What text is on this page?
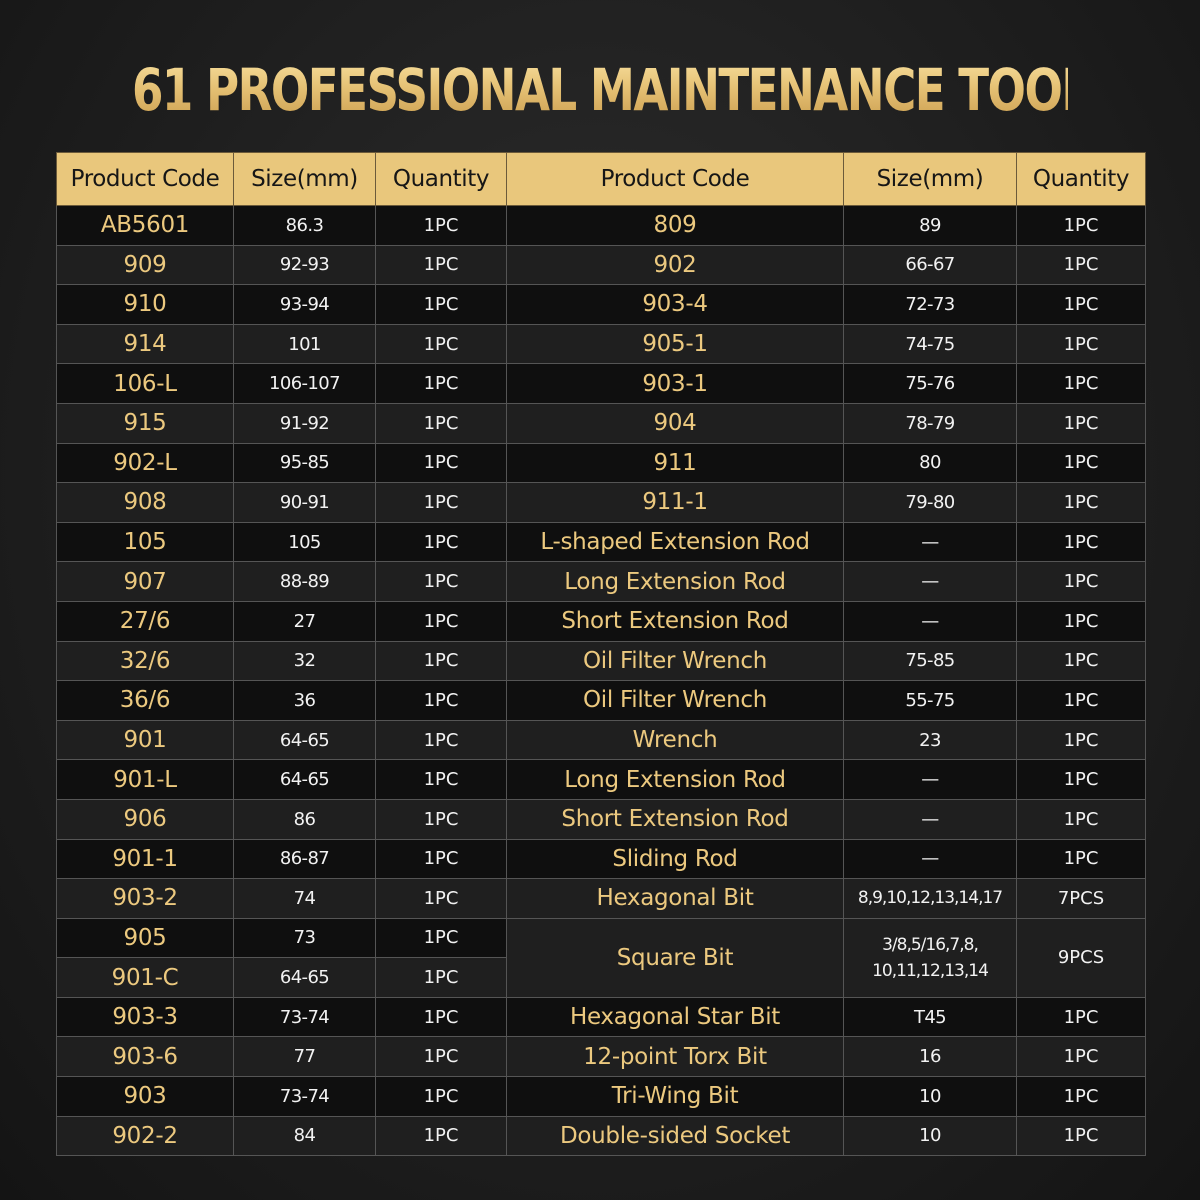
61 PROFESSIONAL MAINTENANCE TOOLS
Product Code	Size(mm)	Quantity	Product Code	Size(mm)	Quantity
AB5601	86.3	1PC	809	89	1PC
909	92-93	1PC	902	66-67	1PC
910	93-94	1PC	903-4	72-73	1PC
914	101	1PC	905-1	74-75	1PC
106-L	106-107	1PC	903-1	75-76	1PC
915	91-92	1PC	904	78-79	1PC
902-L	95-85	1PC	911	80	1PC
908	90-91	1PC	911-1	79-80	1PC
105	105	1PC	L-shaped Extension Rod	—	1PC
907	88-89	1PC	Long Extension Rod	—	1PC
27/6	27	1PC	Short Extension Rod	—	1PC
32/6	32	1PC	Oil Filter Wrench	75-85	1PC
36/6	36	1PC	Oil Filter Wrench	55-75	1PC
901	64-65	1PC	Wrench	23	1PC
901-L	64-65	1PC	Long Extension Rod	—	1PC
906	86	1PC	Short Extension Rod	—	1PC
901-1	86-87	1PC	Sliding Rod	—	1PC
903-2	74	1PC	Hexagonal Bit	8,9,10,12,13,14,17	7PCS
905	73	1PC	Square Bit	3/8,5/16,7,8, 10,11,12,13,14	9PCS
901-C	64-65	1PC			
903-3	73-74	1PC	Hexagonal Star Bit	T45	1PC
903-6	77	1PC	12-point Torx Bit	16	1PC
903	73-74	1PC	Tri-Wing Bit	10	1PC
902-2	84	1PC	Double-sided Socket	10	1PC
